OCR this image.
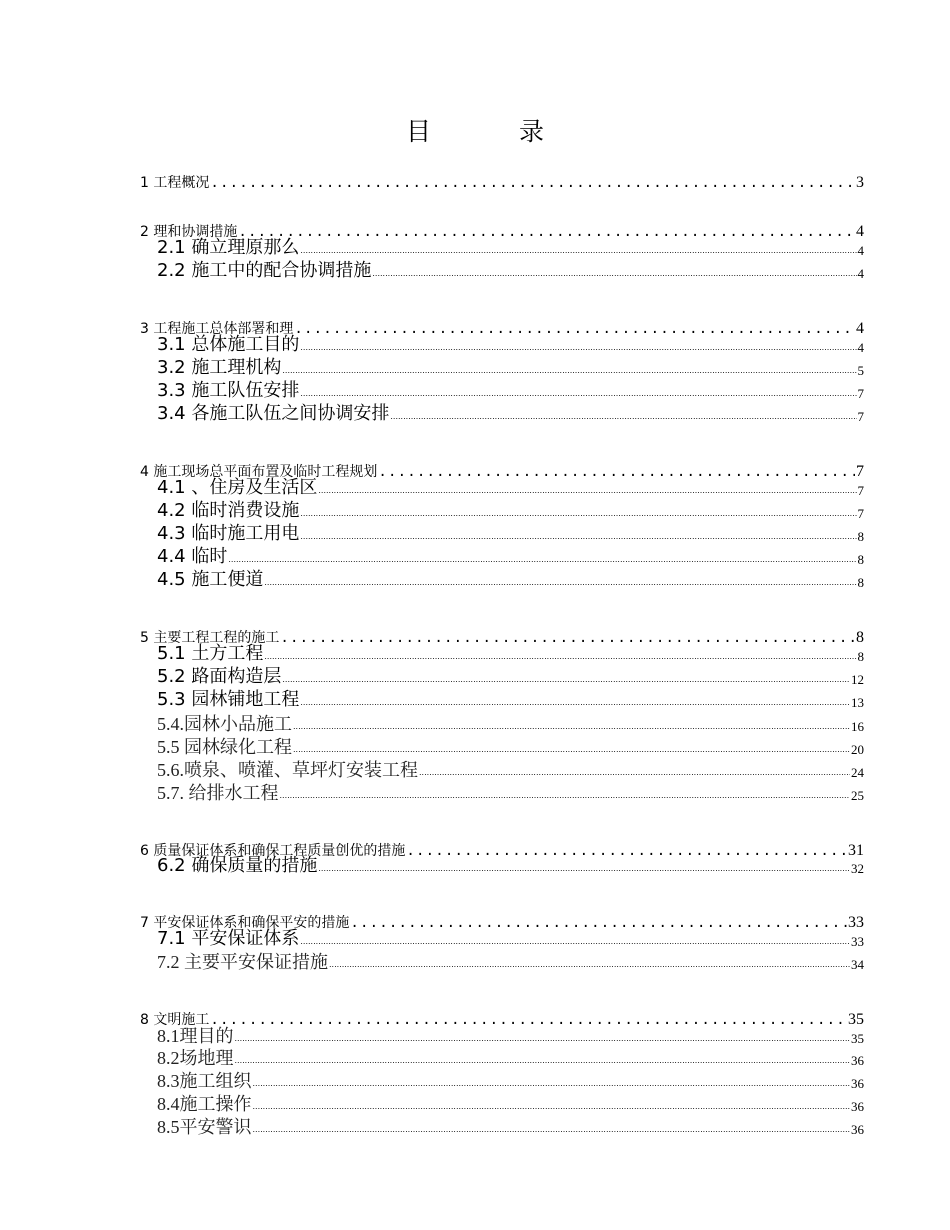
目	录
1 工程概况 .....	3
2 理和协调措施 .....	4
2.1 确立理原那么 .....	4
2.2 施工中的配合协调措施 .....	4
3 工程施工总体部署和理 .....	4
3.1 总体施工目的 .....	4
3.2 施工理机构 .....	5
3.3 施工队伍安排 .....	7
3.4 各施工队伍之间协调安排 .....	7
4 施工现场总平面布置及临时工程规划 .....	7
4.1 、住房及生活区 .....	7
4.2 临时消费设施 .....	7
4.3 临时施工用电 .....	8
4.4 临时 .....	8
4.5 施工便道 .....	8
5 主要工程工程的施工 .....	8
5.1 土方工程 .....	8
5.2 路面构造层 .....	12
5.3 园林铺地工程 .....	13
5.4.园林小品施工 .....	16
5.5 园林绿化工程 .....	20
5.6.喷泉、喷灌、草坪灯安装工程 .....	24
5.7. 给排水工程 .....	25
6 质量保证体系和确保工程质量创优的措施 .....	31
6.2 确保质量的措施 .....	32
7 平安保证体系和确保平安的措施 .....	33
7.1 平安保证体系 .....	33
7.2 主要平安保证措施 .....	34
8 文明施工 .....	35
8.1理目的 .....	35
8.2场地理 .....	36
8.3施工组织 .....	36
8.4施工操作 .....	36
8.5平安警识 .....	36
